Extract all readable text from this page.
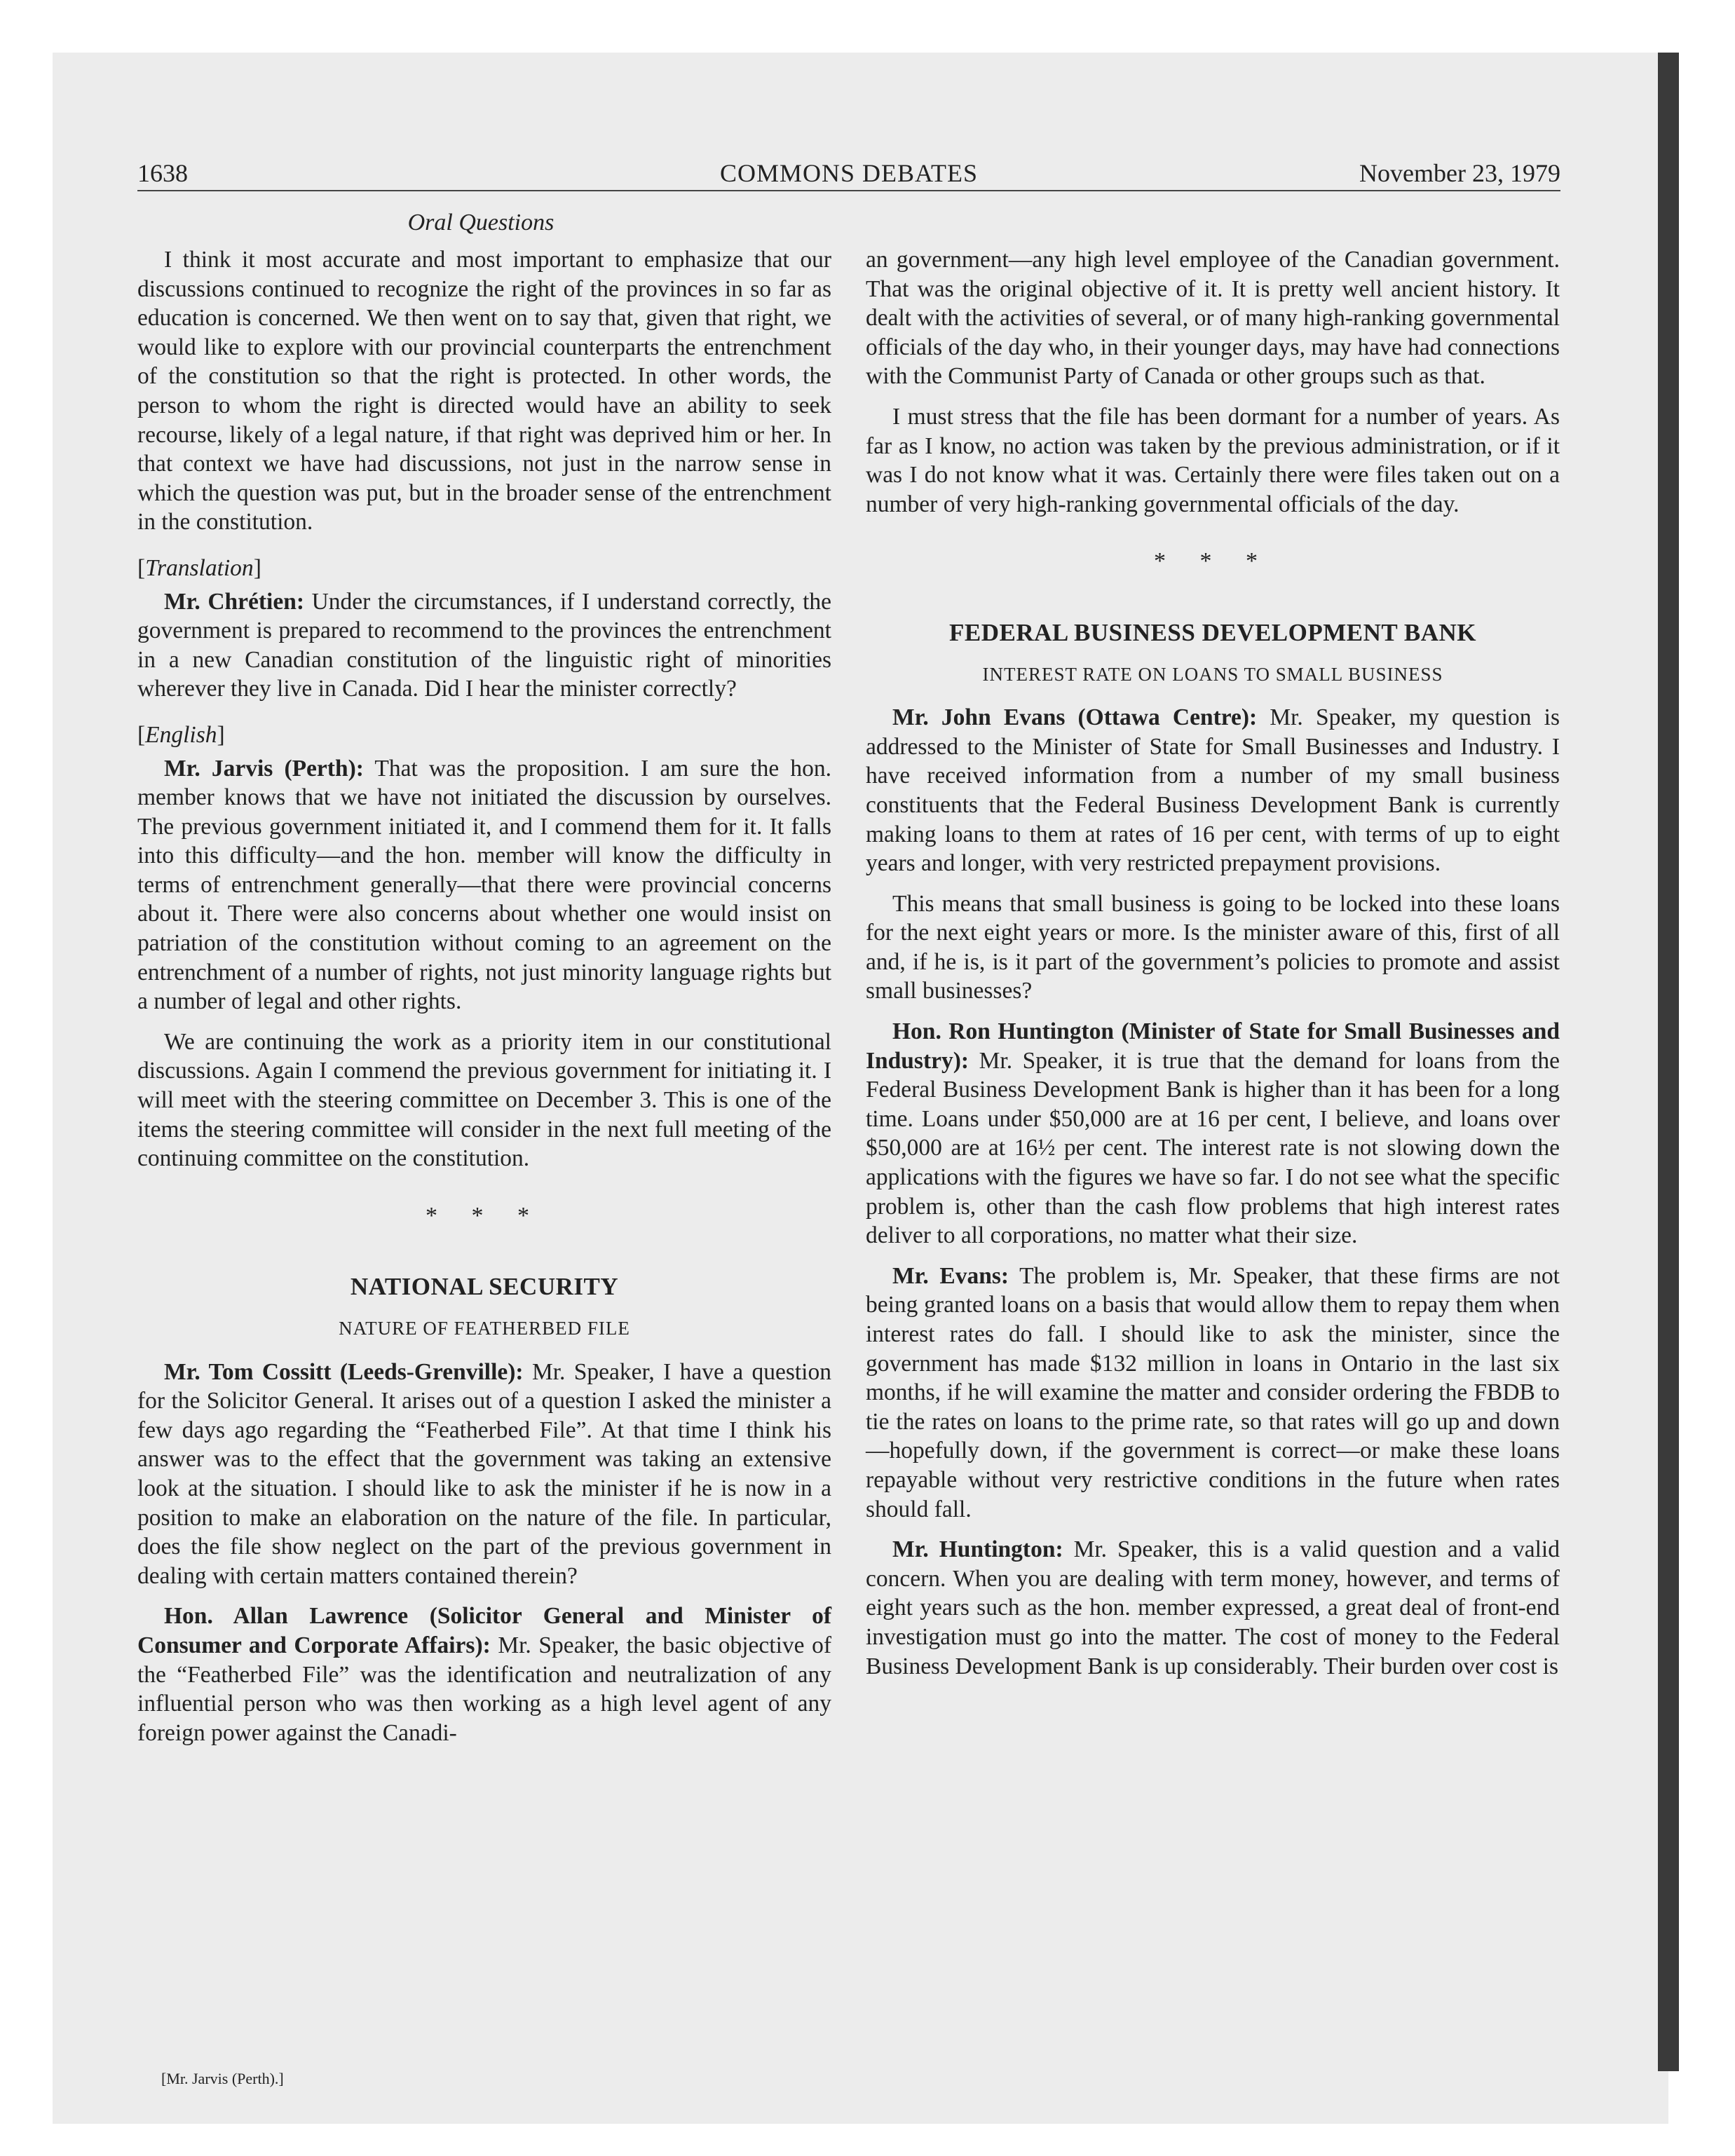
1638	COMMONS DEBATES	November 23, 1979
Oral Questions

I think it most accurate and most important to emphasize that our discussions continued to recognize the right of the provinces in so far as education is concerned. We then went on to say that, given that right, we would like to explore with our provincial counterparts the entrenchment of the constitution so that the right is protected. In other words, the person to whom the right is directed would have an ability to seek recourse, likely of a legal nature, if that right was deprived him or her. In that context we have had discussions, not just in the narrow sense in which the question was put, but in the broader sense of the entrenchment in the constitution.

[Translation]

Mr. Chrétien: Under the circumstances, if I understand correctly, the government is prepared to recommend to the provinces the entrenchment in a new Canadian constitution of the linguistic right of minorities wherever they live in Canada. Did I hear the minister correctly?

[English]

Mr. Jarvis (Perth): That was the proposition. I am sure the hon. member knows that we have not initiated the discussion by ourselves. The previous government initiated it, and I commend them for it. It falls into this difficulty—and the hon. member will know the difficulty in terms of entrenchment generally—that there were provincial concerns about it. There were also concerns about whether one would insist on patriation of the constitution without coming to an agreement on the entrenchment of a number of rights, not just minority language rights but a number of legal and other rights.

We are continuing the work as a priority item in our constitutional discussions. Again I commend the previous government for initiating it. I will meet with the steering committee on December 3. This is one of the items the steering committee will consider in the next full meeting of the continuing committee on the constitution.

* * *
NATIONAL SECURITY
NATURE OF FEATHERBED FILE

Mr. Tom Cossitt (Leeds-Grenville): Mr. Speaker, I have a question for the Solicitor General. It arises out of a question I asked the minister a few days ago regarding the “Featherbed File”. At that time I think his answer was to the effect that the government was taking an extensive look at the situation. I should like to ask the minister if he is now in a position to make an elaboration on the nature of the file. In particular, does the file show neglect on the part of the previous government in dealing with certain matters contained therein?

Hon. Allan Lawrence (Solicitor General and Minister of Consumer and Corporate Affairs): Mr. Speaker, the basic objective of the “Featherbed File” was the identification and neutralization of any influential person who was then working as a high level agent of any foreign power against the Canadi-

an government—any high level employee of the Canadian government. That was the original objective of it. It is pretty well ancient history. It dealt with the activities of several, or of many high-ranking governmental officials of the day who, in their younger days, may have had connections with the Communist Party of Canada or other groups such as that.

I must stress that the file has been dormant for a number of years. As far as I know, no action was taken by the previous administration, or if it was I do not know what it was. Certainly there were files taken out on a number of very high-ranking governmental officials of the day.

* * *
FEDERAL BUSINESS DEVELOPMENT BANK
INTEREST RATE ON LOANS TO SMALL BUSINESS

Mr. John Evans (Ottawa Centre): Mr. Speaker, my question is addressed to the Minister of State for Small Businesses and Industry. I have received information from a number of my small business constituents that the Federal Business Development Bank is currently making loans to them at rates of 16 per cent, with terms of up to eight years and longer, with very restricted prepayment provisions.

This means that small business is going to be locked into these loans for the next eight years or more. Is the minister aware of this, first of all and, if he is, is it part of the government’s policies to promote and assist small businesses?

Hon. Ron Huntington (Minister of State for Small Businesses and Industry): Mr. Speaker, it is true that the demand for loans from the Federal Business Development Bank is higher than it has been for a long time. Loans under $50,000 are at 16 per cent, I believe, and loans over $50,000 are at 16½ per cent. The interest rate is not slowing down the applications with the figures we have so far. I do not see what the specific problem is, other than the cash flow problems that high interest rates deliver to all corporations, no matter what their size.

Mr. Evans: The problem is, Mr. Speaker, that these firms are not being granted loans on a basis that would allow them to repay them when interest rates do fall. I should like to ask the minister, since the government has made $132 million in loans in Ontario in the last six months, if he will examine the matter and consider ordering the FBDB to tie the rates on loans to the prime rate, so that rates will go up and down—hopefully down, if the government is correct—or make these loans repayable without very restrictive conditions in the future when rates should fall.

Mr. Huntington: Mr. Speaker, this is a valid question and a valid concern. When you are dealing with term money, however, and terms of eight years such as the hon. member expressed, a great deal of front-end investigation must go into the matter. The cost of money to the Federal Business Development Bank is up considerably. Their burden over cost is

[Mr. Jarvis (Perth).]
